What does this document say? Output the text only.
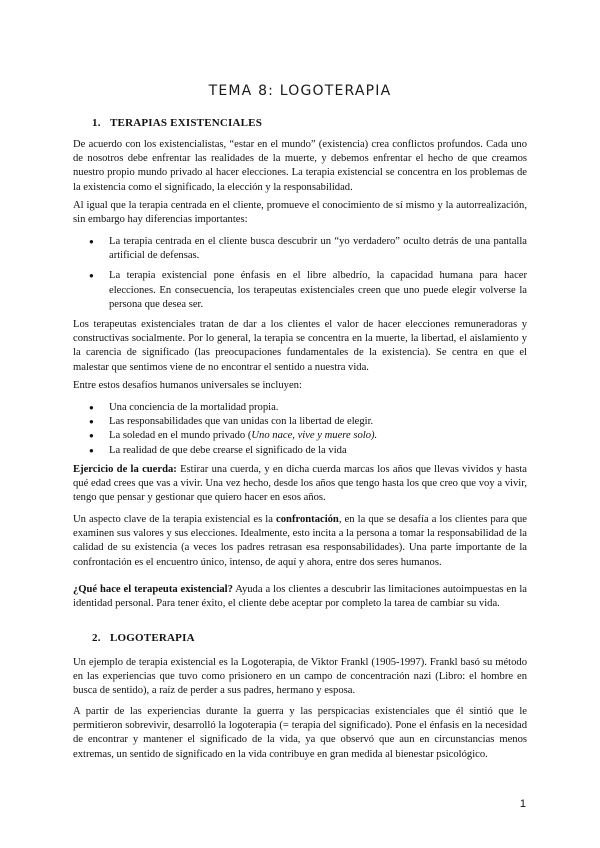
TEMA 8: LOGOTERAPIA
1. TERAPIAS EXISTENCIALES

De acuerdo con los existencialistas, “estar en el mundo” (existencia) crea conflictos profundos. Cada uno de nosotros debe enfrentar las realidades de la muerte, y debemos enfrentar el hecho de que creamos nuestro propio mundo privado al hacer elecciones. La terapia existencial se concentra en los problemas de la existencia como el significado, la elección y la responsabilidad.

Al igual que la terapia centrada en el cliente, promueve el conocimiento de sí mismo y la autorrealización, sin embargo hay diferencias importantes:

● La terapia centrada en el cliente busca descubrir un “yo verdadero” oculto detrás de una pantalla artificial de defensas.
● La terapia existencial pone énfasis en el libre albedrío, la capacidad humana para hacer elecciones. En consecuencia, los terapeutas existenciales creen que uno puede elegir volverse la persona que desea ser.

Los terapeutas existenciales tratan de dar a los clientes el valor de hacer elecciones remuneradoras y constructivas socialmente. Por lo general, la terapia se concentra en la muerte, la libertad, el aislamiento y la carencia de significado (las preocupaciones fundamentales de la existencia). Se centra en que el malestar que sentimos viene de no encontrar el sentido a nuestra vida.

Entre estos desafíos humanos universales se incluyen:

● Una conciencia de la mortalidad propia.
● Las responsabilidades que van unidas con la libertad de elegir.
● La soledad en el mundo privado (Uno nace, vive y muere solo).
● La realidad de que debe crearse el significado de la vida

Ejercicio de la cuerda: Estirar una cuerda, y en dicha cuerda marcas los años que llevas vividos y hasta qué edad crees que vas a vivir. Una vez hecho, desde los años que tengo hasta los que creo que voy a vivir, tengo que pensar y gestionar que quiero hacer en esos años.

Un aspecto clave de la terapia existencial es la confrontación, en la que se desafía a los clientes para que examinen sus valores y sus elecciones. Idealmente, esto incita a la persona a tomar la responsabilidad de la calidad de su existencia (a veces los padres retrasan esa responsabilidades). Una parte importante de la confrontación es el encuentro único, intenso, de aquí y ahora, entre dos seres humanos.

¿Qué hace el terapeuta existencial? Ayuda a los clientes a descubrir las limitaciones autoimpuestas en la identidad personal. Para tener éxito, el cliente debe aceptar por completo la tarea de cambiar su vida.

2. LOGOTERAPIA

Un ejemplo de terapia existencial es la Logoterapia, de Viktor Frankl (1905-1997). Frankl basó su método en las experiencias que tuvo como prisionero en un campo de concentración nazi (Libro: el hombre en busca de sentido), a raíz de perder a sus padres, hermano y esposa.

A partir de las experiencias durante la guerra y las perspicacias existenciales que él sintió que le permitieron sobrevivir, desarrolló la logoterapia (= terapia del significado). Pone el énfasis en la necesidad de encontrar y mantener el significado de la vida, ya que observó que aun en circunstancias menos extremas, un sentido de significado en la vida contribuye en gran medida al bienestar psicológico.

1
